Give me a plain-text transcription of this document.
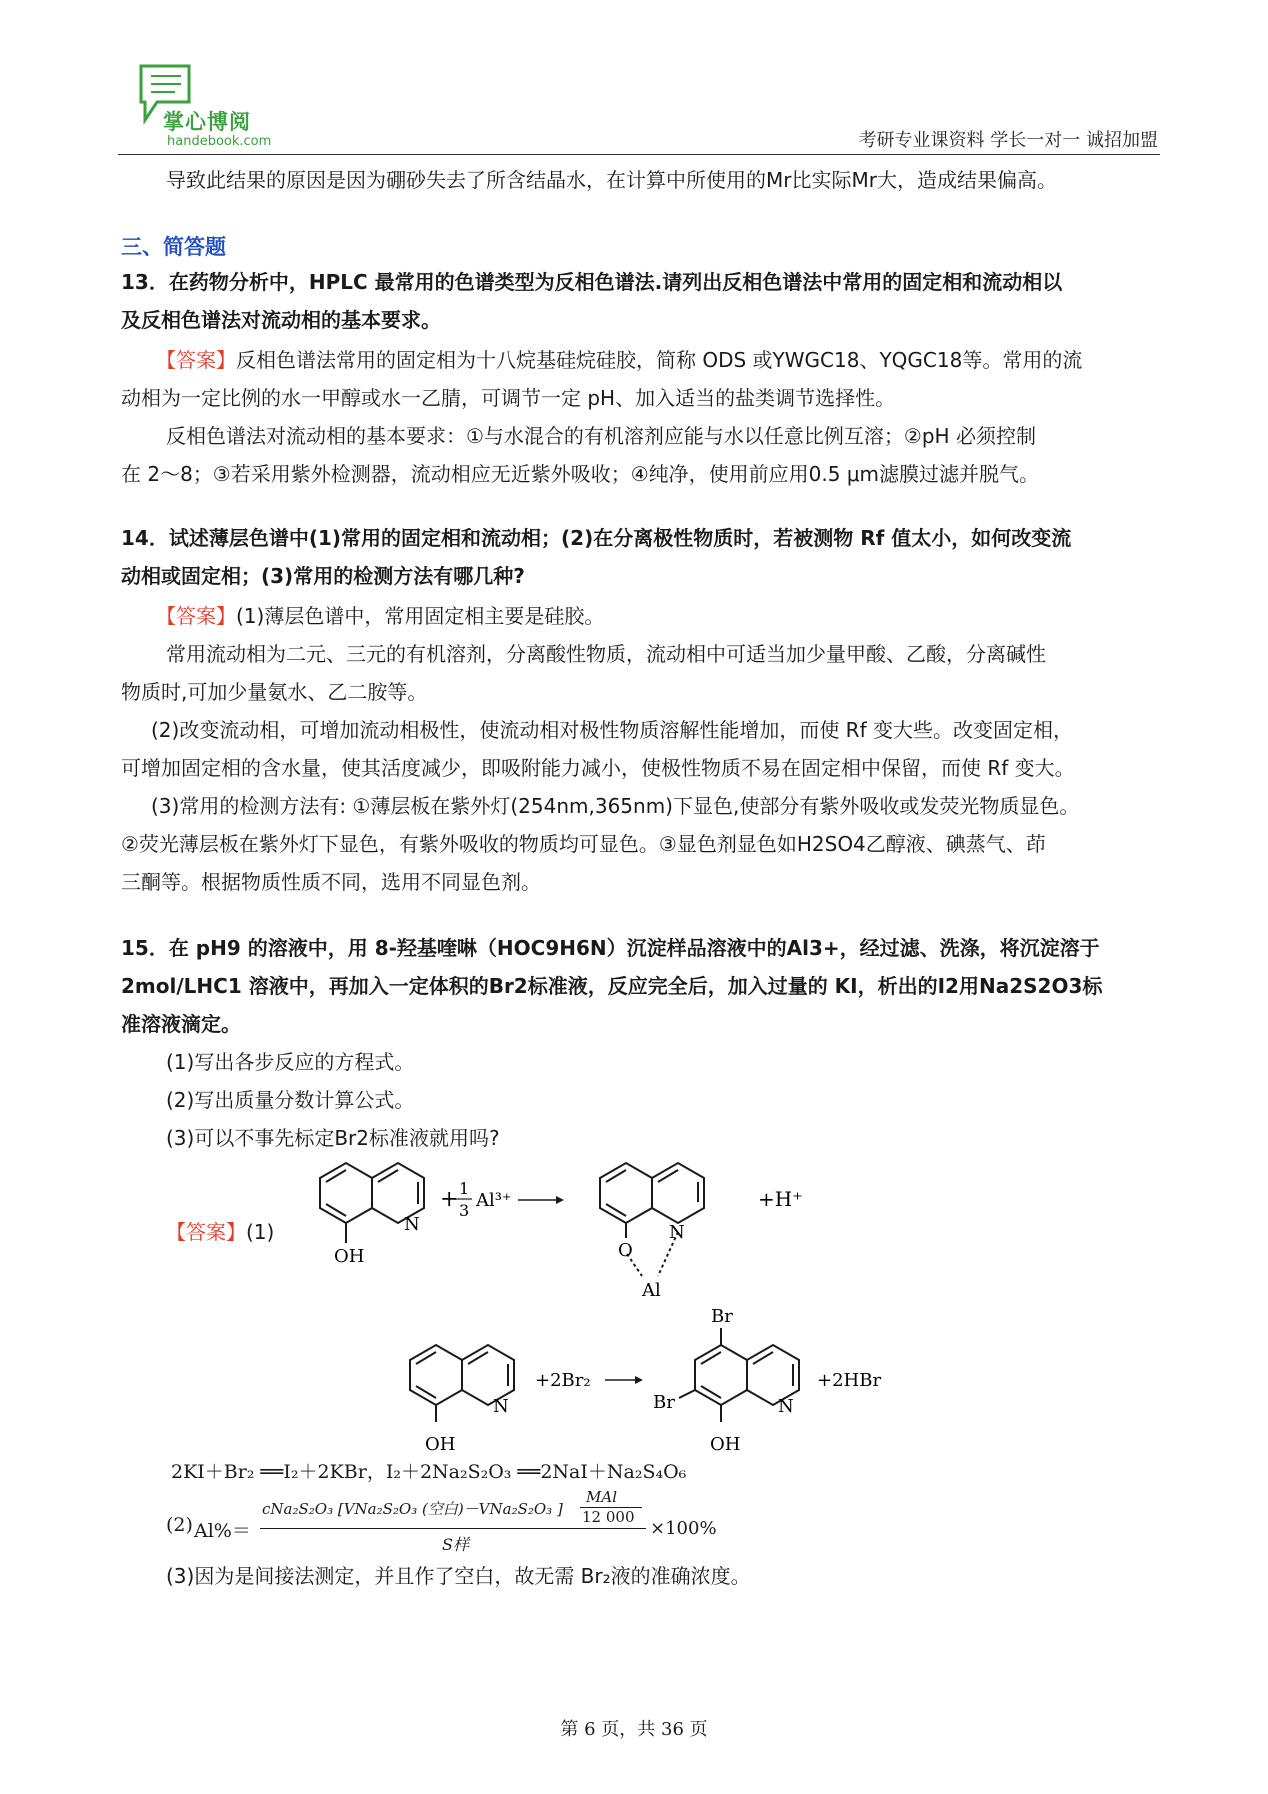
掌心博阅
handebook.com	考研专业课资料 学长一对一 诚招加盟
导致此结果的原因是因为硼砂失去了所含结晶水，在计算中所使用的Mr比实际Mr大，造成结果偏高。
三、简答题
13．在药物分析中，HPLC 最常用的色谱类型为反相色谱法.请列出反相色谱法中常用的固定相和流动相以
及反相色谱法对流动相的基本要求。
【答案】反相色谱法常用的固定相为十八烷基硅烷硅胶，简称 ODS 或YWGC18、YQGC18等。常用的流
动相为一定比例的水一甲醇或水一乙腈，可调节一定 pH、加入适当的盐类调节选择性。
反相色谱法对流动相的基本要求：①与水混合的有机溶剂应能与水以任意比例互溶；②pH 必须控制
在 2～8；③若采用紫外检测器，流动相应无近紫外吸收；④纯净，使用前应用0.5 μm滤膜过滤并脱气。
14．试述薄层色谱中(1)常用的固定相和流动相；(2)在分离极性物质时，若被测物 Rf 值太小，如何改变流
动相或固定相；(3)常用的检测方法有哪几种?
【答案】(1)薄层色谱中，常用固定相主要是硅胶。
常用流动相为二元、三元的有机溶剂，分离酸性物质，流动相中可适当加少量甲酸、乙酸，分离碱性
物质时,可加少量氨水、乙二胺等。
(2)改变流动相，可增加流动相极性，使流动相对极性物质溶解性能增加，而使 Rf 变大些。改变固定相，
可增加固定相的含水量，使其活度减少，即吸附能力减小，使极性物质不易在固定相中保留，而使 Rf 变大。
(3)常用的检测方法有: ①薄层板在紫外灯(254nm,365nm)下显色,使部分有紫外吸收或发荧光物质显色。
②荧光薄层板在紫外灯下显色，有紫外吸收的物质均可显色。③显色剂显色如H2SO4乙醇液、碘蒸气、茚
三酮等。根据物质性质不同，选用不同显色剂。
15．在 pH9 的溶液中，用 8-羟基喹啉（HOC9H6N）沉淀样品溶液中的Al3+，经过滤、洗涤，将沉淀溶于
2mol/LHC1 溶液中，再加入一定体积的Br2标准液，反应完全后，加入过量的 KI，析出的I2用Na2S2O3标
准溶液滴定。
(1)写出各步反应的方程式。
(2)写出质量分数计算公式。
(3)可以不事先标定Br2标准液就用吗?
【答案】(1)	N
OH
+ 1
3 Al³⁺
N
O
Al
+H⁺
N
OH
+2Br₂
Br
Br	N
OH
+2HBr
2KI＋Br₂ ══I₂＋2KBr，I₂＋2Na₂S₂O₃ ══2NaI＋Na₂S₄O₆
(2) Al%＝
cNa₂S₂O₃ [VNa₂S₂O₃ (空白)－VNa₂S₂O₃ ]
MAl
12 000
S样
×100%
(3)因为是间接法测定，并且作了空白，故无需 Br₂液的准确浓度。
第 6 页，共 36 页
